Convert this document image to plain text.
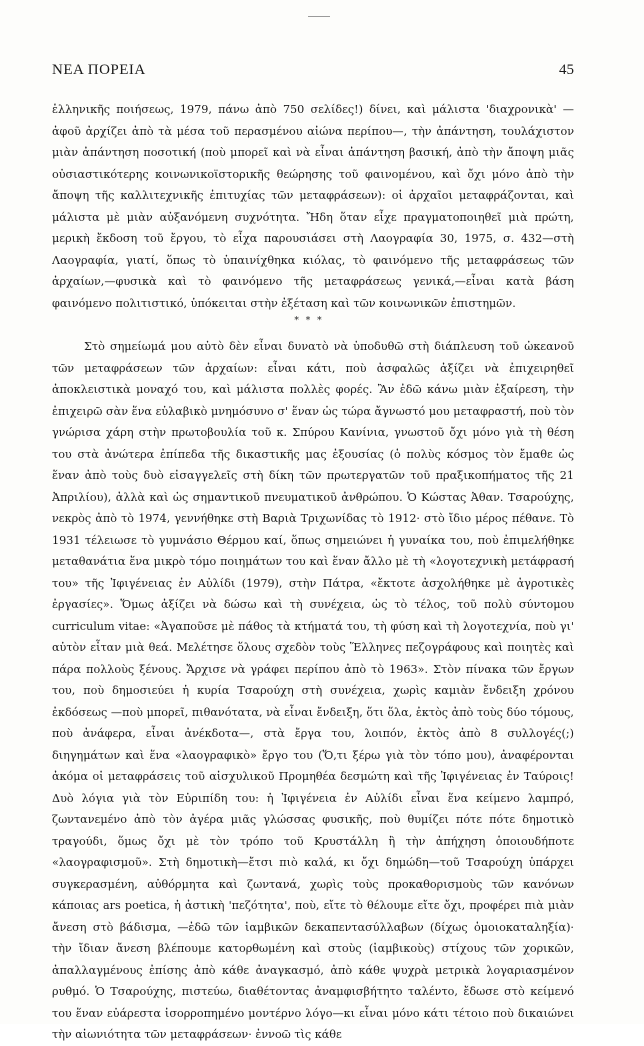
ΝΕΑ ΠΟΡΕΙΑ	45

ἑλληνικῆς ποιήσεως, 1979, πάνω ἀπὸ 750 σελίδες!) δίνει, καὶ μάλιστα 'διαχρονικὰ' —ἀφοῦ ἀρχίζει ἀπὸ τὰ μέσα τοῦ περασμένου αἰώνα περίπου—, τὴν ἀπάντηση, τουλάχιστον μιὰν ἀπάντηση ποσοτική (ποὺ μπορεῖ καὶ νὰ εἶναι ἀπάντηση βασική, ἀπὸ τὴν ἄποψη μιᾶς οὐσιαστικότερης κοινωνικοϊστορικῆς θεώρησης τοῦ φαινομένου, καὶ ὄχι μόνο ἀπὸ τὴν ἄποψη τῆς καλλιτεχνικῆς ἐπιτυχίας τῶν μεταφράσεων): οἱ ἀρχαῖοι μεταφράζονται, καὶ μάλιστα μὲ μιὰν αὐξανόμενη συχνότητα. Ἤδη ὅταν εἶχε πραγματοποιηθεῖ μιὰ πρώτη, μερικὴ ἔκδοση τοῦ ἔργου, τὸ εἶχα παρουσιάσει στὴ Λαογραφία 30, 1975, σ. 432—στὴ Λαογραφία, γιατί, ὅπως τὸ ὑπαινίχθηκα κιόλας, τὸ φαινόμενο τῆς μεταφράσεως τῶν ἀρχαίων,—φυσικὰ καὶ τὸ φαινόμενο τῆς μεταφράσεως γενικά,—εἶναι κατὰ βάση φαινόμενο πολιτιστικό, ὑπόκειται στὴν ἐξέταση καὶ τῶν κοινωνικῶν ἐπιστημῶν.

* * *

Στὸ σημείωμά μου αὐτὸ δὲν εἶναι δυνατὸ νὰ ὑποδυθῶ στὴ διάπλευση τοῦ ὠκεανοῦ τῶν μεταφράσεων τῶν ἀρχαίων: εἶναι κάτι, ποὺ ἀσφαλῶς ἀξίζει νὰ ἐπιχειρηθεῖ ἀποκλειστικὰ μοναχό του, καὶ μάλιστα πολλὲς φορές. Ἂν ἐδῶ κάνω μιὰν ἐξαίρεση, τὴν ἐπιχειρῶ σὰν ἕνα εὐλαβικὸ μνημόσυνο σ' ἕναν ὡς τώρα ἄγνωστό μου μεταφραστή, ποὺ τὸν γνώρισα χάρη στὴν πρωτοβουλία τοῦ κ. Σπύρου Κανίνια, γνωστοῦ ὄχι μόνο γιὰ τὴ θέση του στὰ ἀνώτερα ἐπίπεδα τῆς δικαστικῆς μας ἐξουσίας (ὁ πολὺς κόσμος τὸν ἔμαθε ὡς ἕναν ἀπὸ τοὺς δυὸ εἰσαγγελεῖς στὴ δίκη τῶν πρωτεργατῶν τοῦ πραξικοπήματος τῆς 21 Ἀπριλίου), ἀλλὰ καὶ ὡς σημαντικοῦ πνευματικοῦ ἀνθρώπου. Ὁ Κώστας Ἀθαν. Τσαρούχης, νεκρὸς ἀπὸ τὸ 1974, γεννήθηκε στὴ Βαριὰ Τριχωνίδας τὸ 1912· στὸ ἴδιο μέρος πέθανε. Τὸ 1931 τέλειωσε τὸ γυμνάσιο Θέρμου καί, ὅπως σημειώνει ἡ γυναίκα του, ποὺ ἐπιμελήθηκε μεταθανάτια ἕνα μικρὸ τόμο ποιημάτων του καὶ ἕναν ἄλλο μὲ τὴ «λογοτεχνικὴ μετάφρασή του» τῆς Ἰφιγένειας ἐν Αὐλίδι (1979), στὴν Πάτρα, «ἔκτοτε ἀσχολήθηκε μὲ ἀγροτικὲς ἐργασίες». Ὅμως ἀξίζει νὰ δώσω καὶ τὴ συνέχεια, ὡς τὸ τέλος, τοῦ πολὺ σύντομου curriculum vitae: «Ἀγαποῦσε μὲ πάθος τὰ κτήματά του, τὴ φύση καὶ τὴ λογοτεχνία, ποὺ γι' αὐτὸν εἶταν μιὰ θεά. Μελέτησε ὅλους σχεδὸν τοὺς Ἕλληνες πεζογράφους καὶ ποιητὲς καὶ πάρα πολλοὺς ξένους. Ἄρχισε νὰ γράφει περίπου ἀπὸ τὸ 1963». Στὸν πίνακα τῶν ἔργων του, ποὺ δημοσιεύει ἡ κυρία Τσαρούχη στὴ συνέχεια, χωρὶς καμιὰν ἔνδειξη χρόνου ἐκδόσεως —ποὺ μπορεῖ, πιθανότατα, νὰ εἶναι ἔνδειξη, ὅτι ὅλα, ἐκτὸς ἀπὸ τοὺς δύο τόμους, ποὺ ἀνάφερα, εἶναι ἀνέκδοτα—, στὰ ἔργα του, λοιπόν, ἐκτὸς ἀπὸ 8 συλλογές(;) διηγημάτων καὶ ἕνα «λαογραφικὸ» ἔργο του (Ὅ,τι ξέρω γιὰ τὸν τόπο μου), ἀναφέρονται ἀκόμα οἱ μεταφράσεις τοῦ αἰσχυλικοῦ Προμηθέα δεσμώτη καὶ τῆς Ἰφιγένειας ἐν Ταύροις! Δυὸ λόγια γιὰ τὸν Εὐριπίδη του: ἡ Ἰφιγένεια ἐν Αὐλίδι εἶναι ἕνα κείμενο λαμπρό, ζωντανεμένο ἀπὸ τὸν ἀγέρα μιᾶς γλώσσας φυσικῆς, ποὺ θυμίζει πότε πότε δημοτικὸ τραγούδι, ὅμως ὄχι μὲ τὸν τρόπο τοῦ Κρυστάλλη ἢ τὴν ἀπήχηση ὁποιουδήποτε «λαογραφισμοῦ». Στὴ δημοτικὴ—ἔτσι πιὸ καλά, κι ὄχι δημώδη—τοῦ Τσαρούχη ὑπάρχει συγκερασμένη, αὐθόρμητα καὶ ζωντανά, χωρὶς τοὺς προκαθορισμοὺς τῶν κανόνων κάποιας ars poetica, ἡ ἀστικὴ 'πεζότητα', ποὺ, εἴτε τὸ θέλουμε εἴτε ὄχι, προφέρει πιὰ μιὰν ἄνεση στὸ βάδισμα, —ἐδῶ τῶν ἰαμβικῶν δεκαπεντασύλλαβων (δίχως ὁμοιοκαταληξία)· τὴν ἴδιαν ἄνεση βλέπουμε κατορθωμένη καὶ στοὺς (ἰαμβικοὺς) στίχους τῶν χορικῶν, ἀπαλλαγμένους ἐπίσης ἀπὸ κάθε ἀναγκασμό, ἀπὸ κάθε ψυχρὰ μετρικὰ λογαριασμένον ρυθμό. Ὁ Τσαρούχης, πιστεύω, διαθέτοντας ἀναμφισβήτητο ταλέντο, ἔδωσε στὸ κείμενό του ἕναν εὐάρεστα ἰσορροπημένο μοντέρνο λόγο—κι εἶναι μόνο κάτι τέτοιο ποὺ δικαιώνει τὴν αἰωνιότητα τῶν μεταφράσεων· ἐννοῶ τὶς κάθε
